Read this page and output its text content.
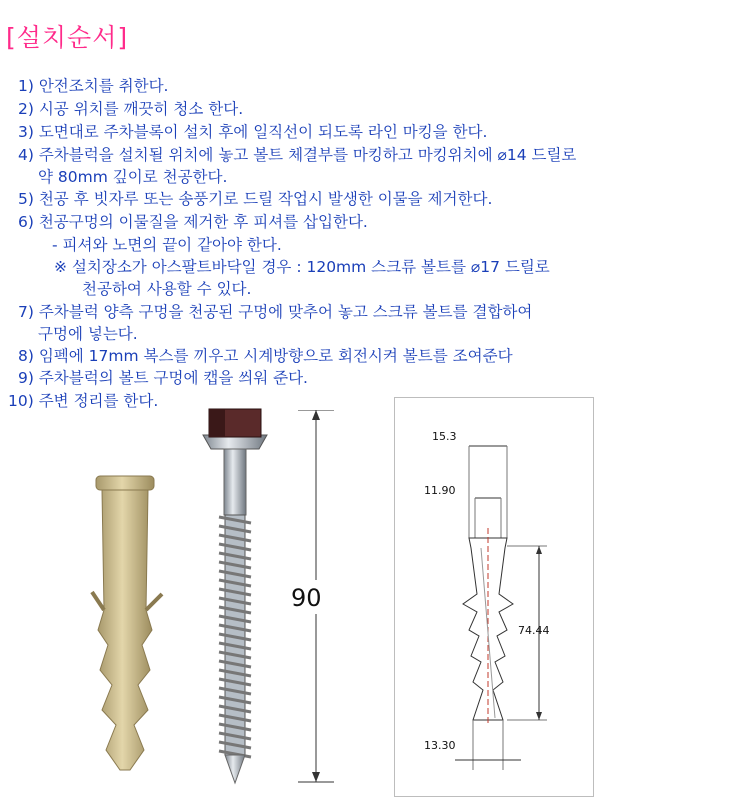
[설치순서]
1) 안전조치를 취한다.
2) 시공 위치를 깨끗히 청소 한다.
3) 도면대로 주차블록이 설치 후에 일직선이 되도록 라인 마킹을 한다.
4) 주차블럭을 설치될 위치에 놓고 볼트 체결부를 마킹하고 마킹위치에 ⌀14 드릴로
약 80mm 깊이로 천공한다.
5) 천공 후 빗자루 또는 송풍기로 드릴 작업시 발생한 이물을 제거한다.
6) 천공구멍의 이물질을 제거한 후 피셔를 삽입한다.
- 피셔와 노면의 끝이 같아야 한다.
※ 설치장소가 아스팔트바닥일 경우 : 120mm 스크류 볼트를 ⌀17 드릴로
천공하여 사용할 수 있다.
7) 주차블럭 양측 구멍을 천공된 구멍에 맞추어 놓고 스크류 볼트를 결합하여
구멍에 넣는다.
8) 임펙에 17mm 복스를 끼우고 시계방향으로 회전시켜 볼트를 조여준다
9) 주차블럭의 볼트 구멍에 캡을 씌워 준다.
10) 주변 정리를 한다.
90
15.3
11.90
74.44
13.30
